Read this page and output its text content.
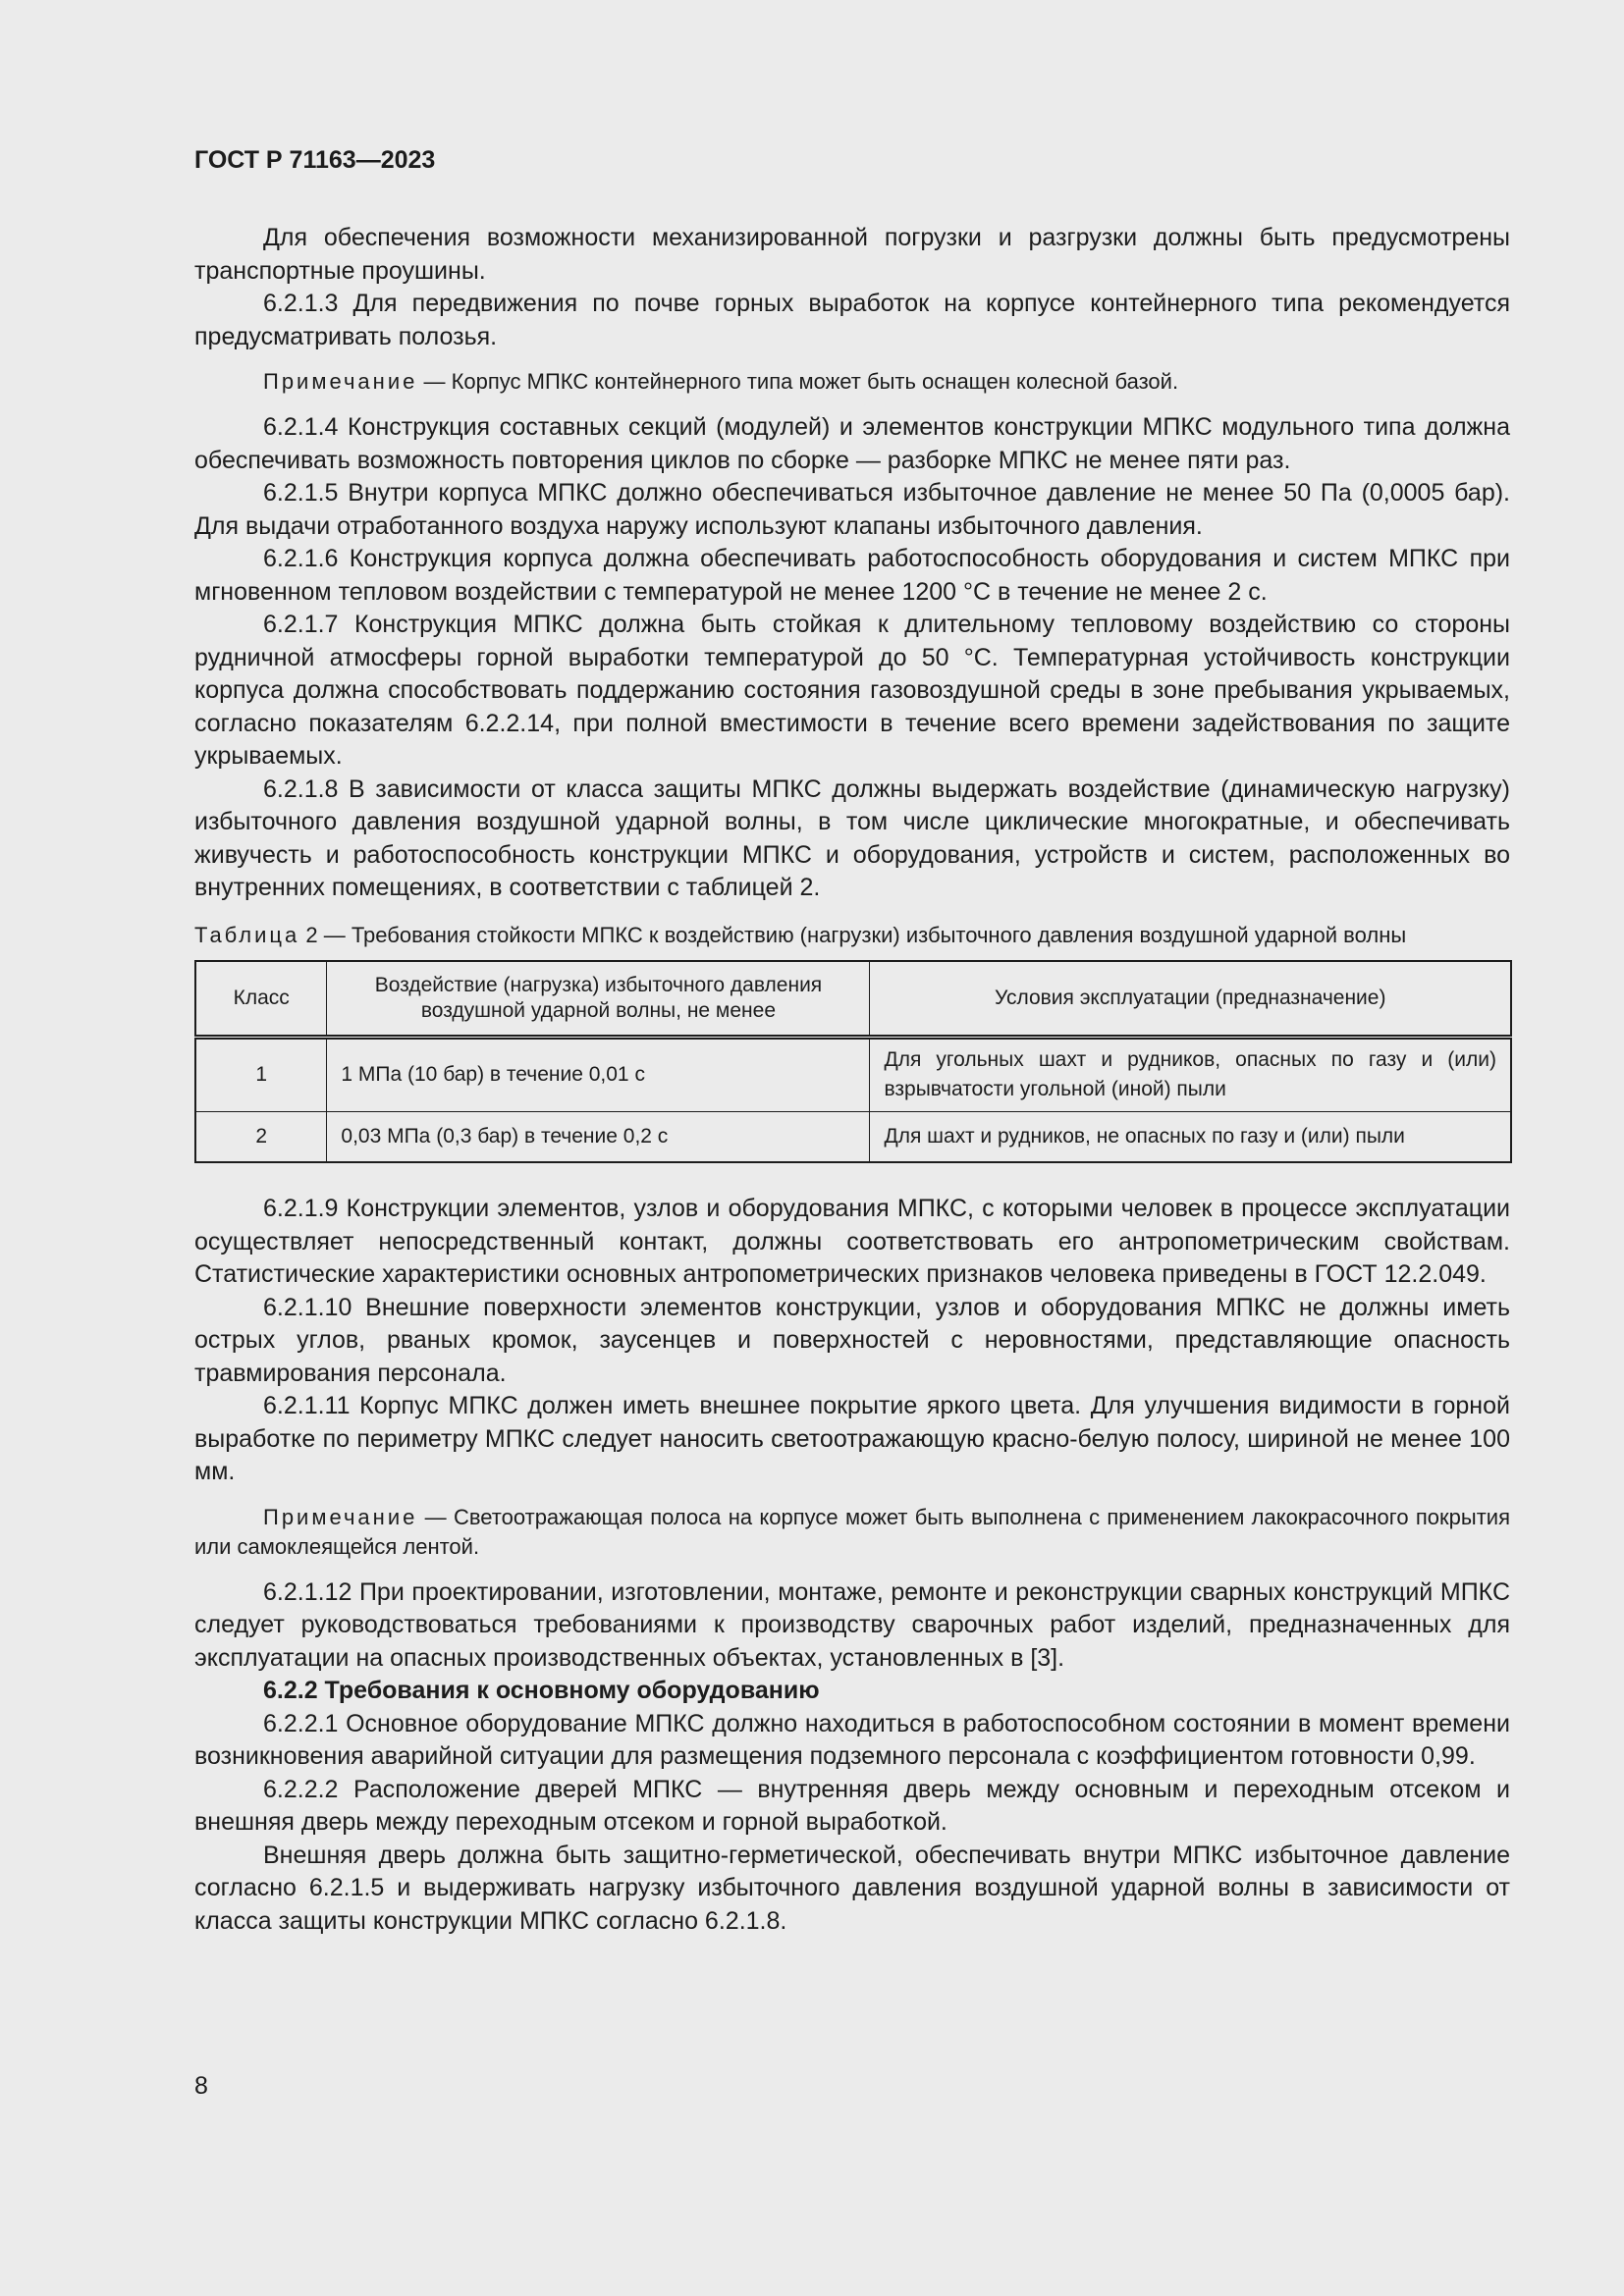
ГОСТ Р 71163—2023

Для обеспечения возможности механизированной погрузки и разгрузки должны быть предусмотрены транспортные проушины.

6.2.1.3 Для передвижения по почве горных выработок на корпусе контейнерного типа рекомендуется предусматривать полозья.

Примечание — Корпус МПКС контейнерного типа может быть оснащен колесной базой.

6.2.1.4 Конструкция составных секций (модулей) и элементов конструкции МПКС модульного типа должна обеспечивать возможность повторения циклов по сборке — разборке МПКС не менее пяти раз.

6.2.1.5 Внутри корпуса МПКС должно обеспечиваться избыточное давление не менее 50 Па (0,0005 бар). Для выдачи отработанного воздуха наружу используют клапаны избыточного давления.

6.2.1.6 Конструкция корпуса должна обеспечивать работоспособность оборудования и систем МПКС при мгновенном тепловом воздействии с температурой не менее 1200 °С в течение не менее 2 с.

6.2.1.7 Конструкция МПКС должна быть стойкая к длительному тепловому воздействию со стороны рудничной атмосферы горной выработки температурой до 50 °С. Температурная устойчивость конструкции корпуса должна способствовать поддержанию состояния газовоздушной среды в зоне пребывания укрываемых, согласно показателям 6.2.2.14, при полной вместимости в течение всего времени задействования по защите укрываемых.

6.2.1.8 В зависимости от класса защиты МПКС должны выдержать воздействие (динамическую нагрузку) избыточного давления воздушной ударной волны, в том числе циклические многократные, и обеспечивать живучесть и работоспособность конструкции МПКС и оборудования, устройств и систем, расположенных во внутренних помещениях, в соответствии с таблицей 2.

Таблица 2 — Требования стойкости МПКС к воздействию (нагрузки) избыточного давления воздушной ударной волны
Класс	Воздействие (нагрузка) избыточного давления воздушной ударной волны, не менее	Условия эксплуатации (предназначение)
1	1 МПа (10 бар) в течение 0,01 с	Для угольных шахт и рудников, опасных по газу и (или) взрывчатости угольной (иной) пыли
2	0,03 МПа (0,3 бар) в течение 0,2 с	Для шахт и рудников, не опасных по газу и (или) пыли

6.2.1.9 Конструкции элементов, узлов и оборудования МПКС, с которыми человек в процессе эксплуатации осуществляет непосредственный контакт, должны соответствовать его антропометрическим свойствам. Статистические характеристики основных антропометрических признаков человека приведены в ГОСТ 12.2.049.

6.2.1.10 Внешние поверхности элементов конструкции, узлов и оборудования МПКС не должны иметь острых углов, рваных кромок, заусенцев и поверхностей с неровностями, представляющие опасность травмирования персонала.

6.2.1.11 Корпус МПКС должен иметь внешнее покрытие яркого цвета. Для улучшения видимости в горной выработке по периметру МПКС следует наносить светоотражающую красно-белую полосу, шириной не менее 100 мм.

Примечание — Светоотражающая полоса на корпусе может быть выполнена с применением лакокрасочного покрытия или самоклеящейся лентой.

6.2.1.12 При проектировании, изготовлении, монтаже, ремонте и реконструкции сварных конструкций МПКС следует руководствоваться требованиями к производству сварочных работ изделий, предназначенных для эксплуатации на опасных производственных объектах, установленных в [3].

6.2.2 Требования к основному оборудованию

6.2.2.1 Основное оборудование МПКС должно находиться в работоспособном состоянии в момент времени возникновения аварийной ситуации для размещения подземного персонала с коэффициентом готовности 0,99.

6.2.2.2 Расположение дверей МПКС — внутренняя дверь между основным и переходным отсеком и внешняя дверь между переходным отсеком и горной выработкой.

Внешняя дверь должна быть защитно-герметической, обеспечивать внутри МПКС избыточное давление согласно 6.2.1.5 и выдерживать нагрузку избыточного давления воздушной ударной волны в зависимости от класса защиты конструкции МПКС согласно 6.2.1.8.

8
